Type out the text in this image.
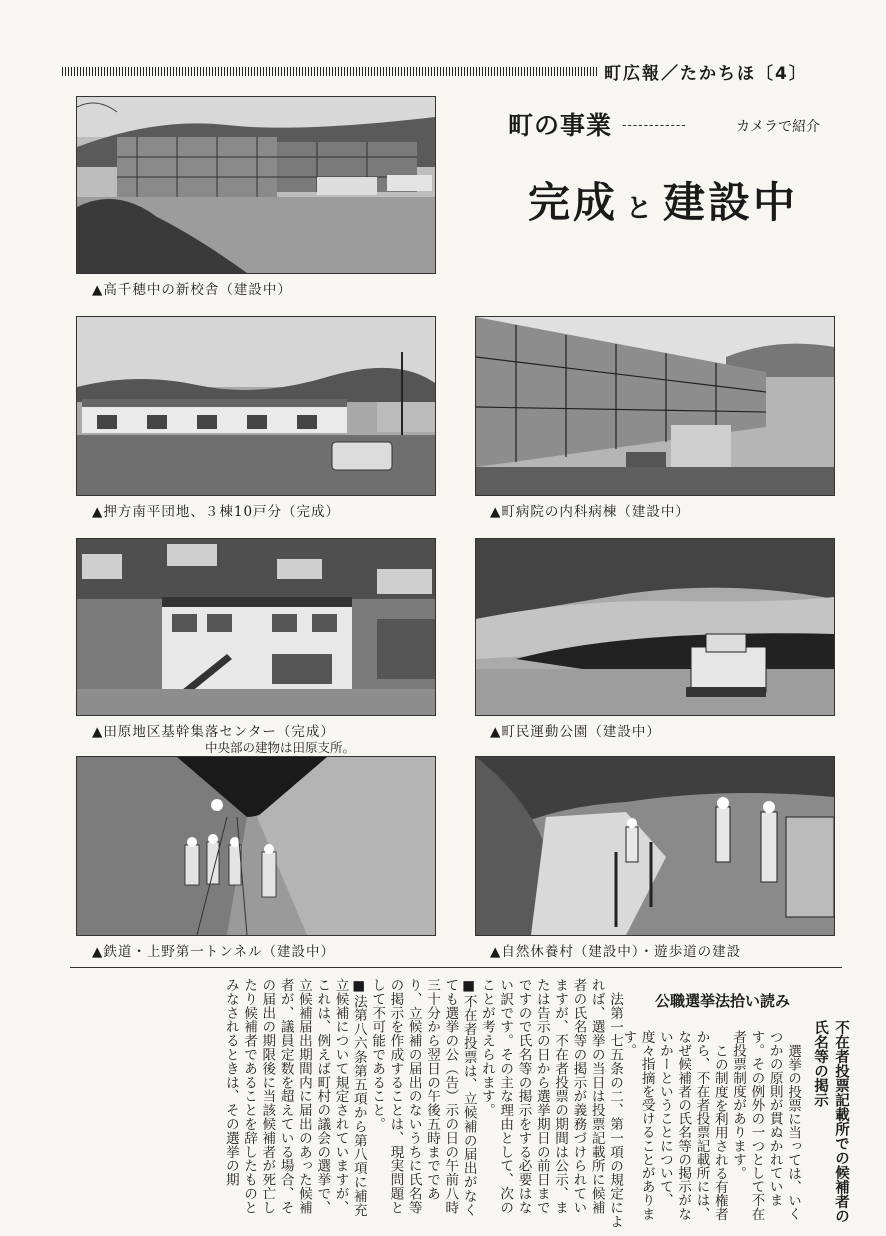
町広報／たかちほ〔4〕
町の事業 ------------	カメラで紹介
完成 と 建設中
▲高千穂中の新校舎（建設中）
▲押方南平団地、３棟10戸分（完成）	▲町病院の内科病棟（建設中）
▲田原地区基幹集落センター（完成）
中央部の建物は田原支所。
▲町民運動公園（建設中）
▲鉄道・上野第一トンネル（建設中）	▲自然休養村（建設中）・遊歩道の建設
不在者投票記載所での候補者の氏名等の掲示
公職選挙法拾い読み

選挙の投票に当っては、いくつかの原則が貫ぬかれています。その例外の一つとして不在者投票制度があります。

この制度を利用される有権者から、不在者投票記載所には、なぜ候補者の氏名等の掲示がないかーということについて、度々指摘を受けることがあります。

法第一七五条の二、第一項の規定によれば、選挙の当日は投票記載所に候補者の氏名等の掲示が義務づけられていますが、不在者投票の期間は公示、または告示の日から選挙期日の前日までですので氏名等の掲示をする必要はない訳です。その主な理由として、次のことが考えられます。

■不在者投票は、立候補の届出がなくても選挙の公（告）示の日の午前八時三十分から翌日の午後五時までであり、立候補の届出のないうちに氏名等の掲示を作成することは、現実問題として不可能であること。

■法第八六条第五項から第八項に補充立候補について規定されていますが、これは、例えば町村の議会の選挙で、立候補届出期間内に届出のあった候補者が、議員定数を超えている場合、その届出の期限後に当該候補者が死亡したり候補者であることを辞したものとみなされるときは、その選挙の期
